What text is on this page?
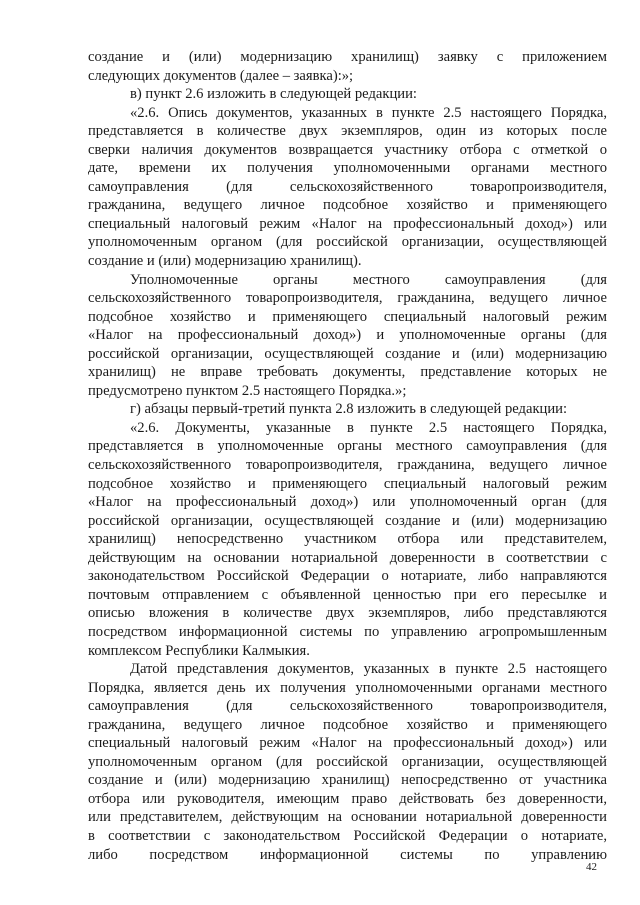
создание и (или) модернизацию хранилищ) заявку с приложением
следующих документов (далее – заявка):»;
в) пункт 2.6 изложить в следующей редакции:
«2.6. Опись документов, указанных в пункте 2.5 настоящего Порядка,
представляется в количестве двух экземпляров, один из которых после
сверки наличия документов возвращается участнику отбора с отметкой о
дате, времени их получения уполномоченными органами местного
самоуправления (для сельскохозяйственного товаропроизводителя,
гражданина, ведущего личное подсобное хозяйство и применяющего
специальный налоговый режим «Налог на профессиональный доход») или
уполномоченным органом (для российской организации, осуществляющей
создание и (или) модернизацию хранилищ).
Уполномоченные органы местного самоуправления (для
сельскохозяйственного товаропроизводителя, гражданина, ведущего личное
подсобное хозяйство и применяющего специальный налоговый режим
«Налог на профессиональный доход») и уполномоченные органы (для
российской организации, осуществляющей создание и (или) модернизацию
хранилищ) не вправе требовать документы, представление которых не
предусмотрено пунктом 2.5 настоящего Порядка.»;
г) абзацы первый-третий пункта 2.8 изложить в следующей редакции:
«2.6. Документы, указанные в пункте 2.5 настоящего Порядка,
представляется в уполномоченные органы местного самоуправления (для
сельскохозяйственного товаропроизводителя, гражданина, ведущего личное
подсобное хозяйство и применяющего специальный налоговый режим
«Налог на профессиональный доход») или уполномоченный орган (для
российской организации, осуществляющей создание и (или) модернизацию
хранилищ) непосредственно участником отбора или представителем,
действующим на основании нотариальной доверенности в соответствии с
законодательством Российской Федерации о нотариате, либо направляются
почтовым отправлением с объявленной ценностью при его пересылке и
описью вложения в количестве двух экземпляров, либо представляются
посредством информационной системы по управлению агропромышленным
комплексом Республики Калмыкия.
Датой представления документов, указанных в пункте 2.5 настоящего
Порядка, является день их получения уполномоченными органами местного
самоуправления (для сельскохозяйственного товаропроизводителя,
гражданина, ведущего личное подсобное хозяйство и применяющего
специальный налоговый режим «Налог на профессиональный доход») или
уполномоченным органом (для российской организации, осуществляющей
создание и (или) модернизацию хранилищ) непосредственно от участника
отбора или руководителя, имеющим право действовать без доверенности,
или представителем, действующим на основании нотариальной доверенности
в соответствии с законодательством Российской Федерации о нотариате,
либо посредством информационной системы по управлению
42
